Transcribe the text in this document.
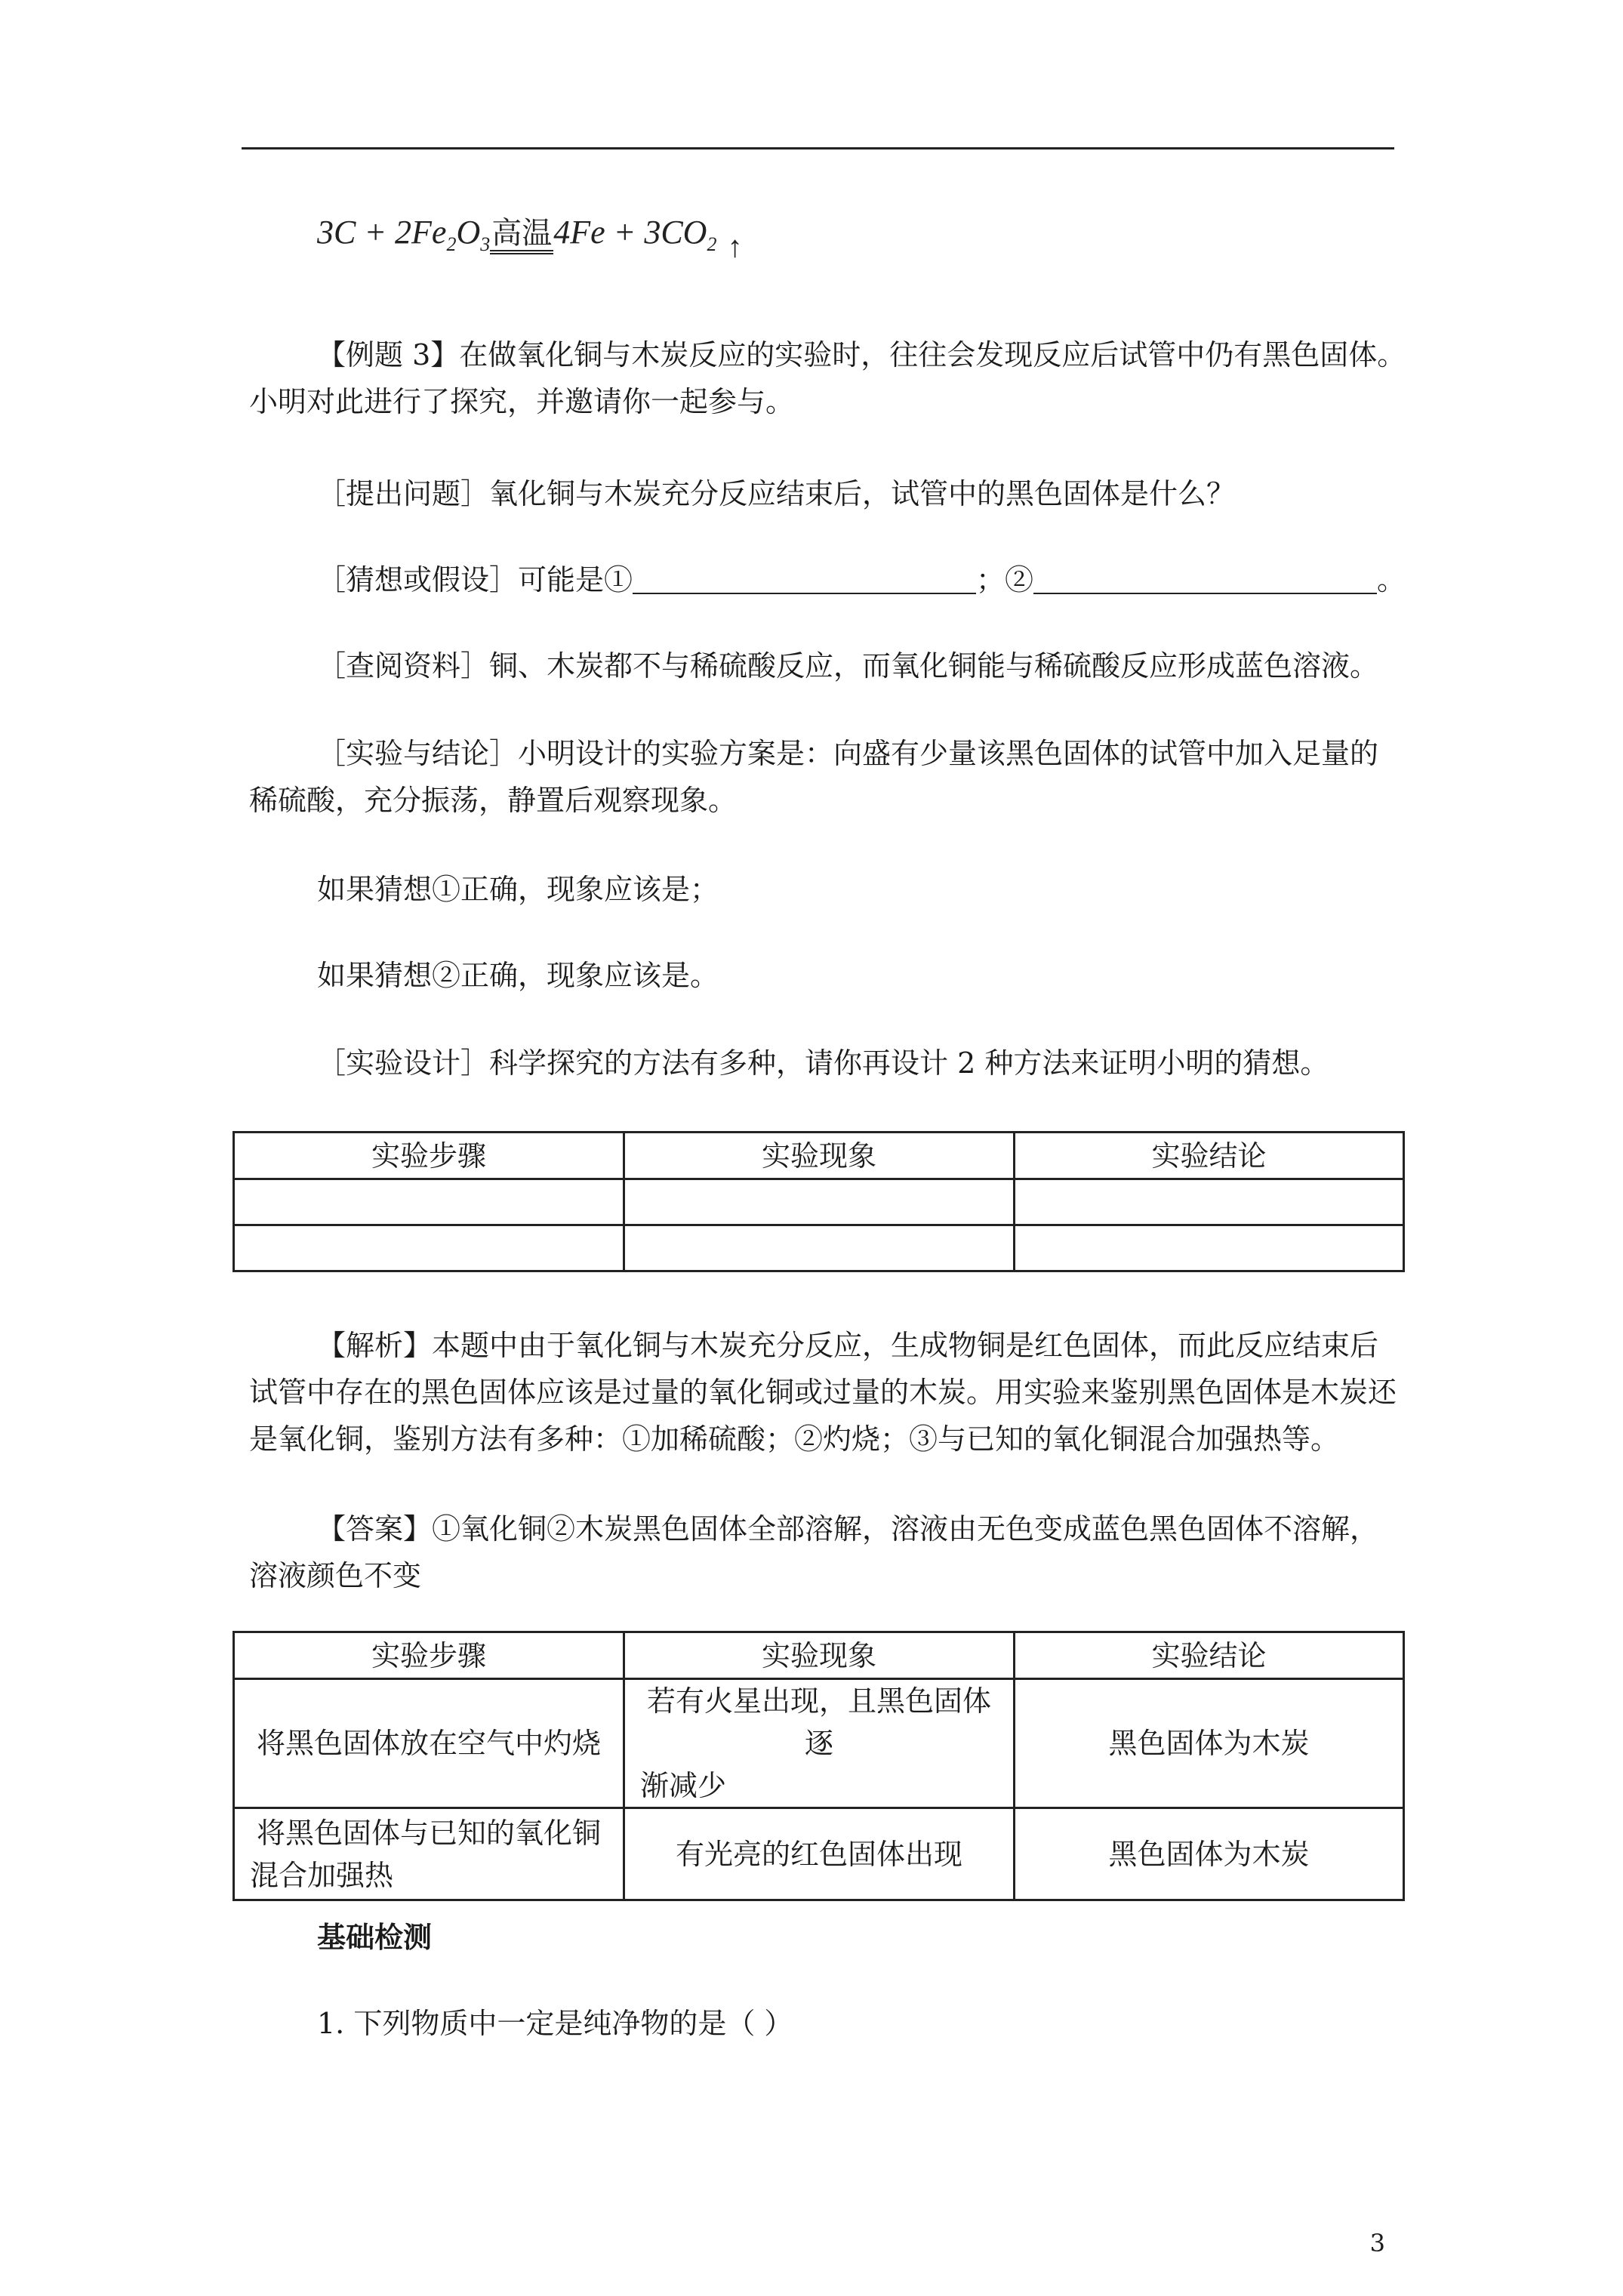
$3C + 2Fe_2O_3$高温$4Fe + 3CO_2$ ↑
【例题 3】在做氧化铜与木炭反应的实验时，往往会发现反应后试管中仍有黑色固体。
小明对此进行了探究，并邀请你一起参与。
［提出问题］氧化铜与木炭充分反应结束后，试管中的黑色固体是什么？
［猜想或假设］可能是①	；②	。
［查阅资料］铜、木炭都不与稀硫酸反应，而氧化铜能与稀硫酸反应形成蓝色溶液。
［实验与结论］小明设计的实验方案是：向盛有少量该黑色固体的试管中加入足量的
稀硫酸，充分振荡，静置后观察现象。
如果猜想①正确，现象应该是；
如果猜想②正确，现象应该是。
［实验设计］科学探究的方法有多种，请你再设计 2 种方法来证明小明的猜想。
实验步骤	实验现象	实验结论

【解析】本题中由于氧化铜与木炭充分反应，生成物铜是红色固体，而此反应结束后
试管中存在的黑色固体应该是过量的氧化铜或过量的木炭。用实验来鉴别黑色固体是木炭还
是氧化铜，鉴别方法有多种：①加稀硫酸；②灼烧；③与已知的氧化铜混合加强热等。
【答案】①氧化铜②木炭黑色固体全部溶解，溶液由无色变成蓝色黑色固体不溶解，
溶液颜色不变
实验步骤	实验现象	实验结论
将黑色固体放在空气中灼烧	若有火星出现，且黑色固体逐
渐减少	黑色固体为木炭

将黑色固体与已知的氧化铜
混合加强热	有光亮的红色固体出现	黑色固体为木炭
基础检测
1. 下列物质中一定是纯净物的是（ ）
3
